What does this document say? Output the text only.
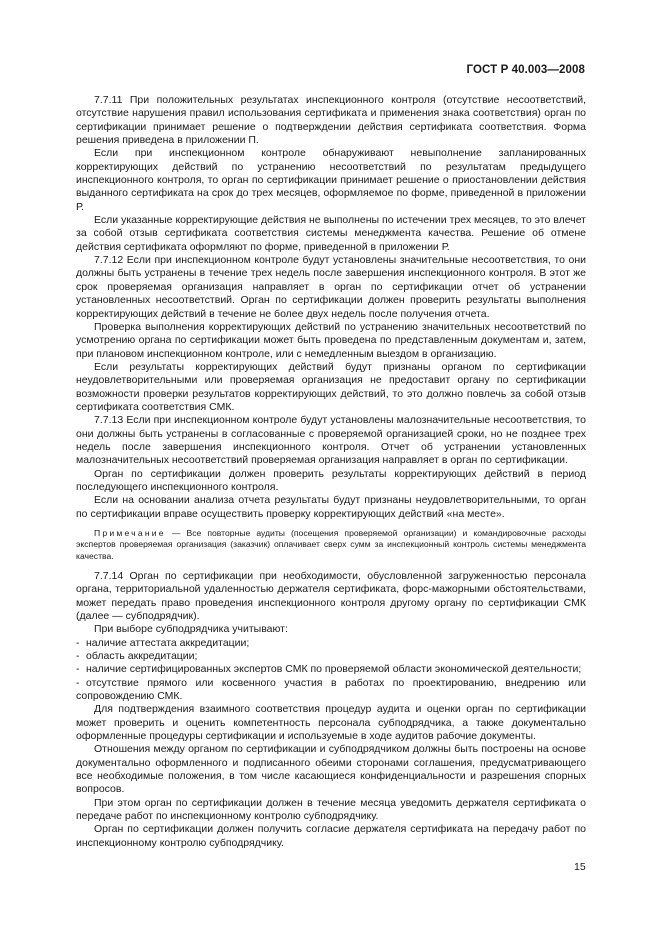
ГОСТ Р 40.003—2008

7.7.11 При положительных результатах инспекционного контроля (отсутствие несоответствий, отсутствие нарушения правил использования сертификата и применения знака соответствия) орган по сертификации принимает решение о подтверждении действия сертификата соответствия. Форма решения приведена в приложении П.

Если при инспекционном контроле обнаруживают невыполнение запланированных корректирующих действий по устранению несоответствий по результатам предыдущего инспекционного контроля, то орган по сертификации принимает решение о приостановлении действия выданного сертификата на срок до трех месяцев, оформляемое по форме, приведенной в приложении Р.

Если указанные корректирующие действия не выполнены по истечении трех месяцев, то это влечет за собой отзыв сертификата соответствия системы менеджмента качества. Решение об отмене действия сертификата оформляют по форме, приведенной в приложении Р.

7.7.12 Если при инспекционном контроле будут установлены значительные несоответствия, то они должны быть устранены в течение трех недель после завершения инспекционного контроля. В этот же срок проверяемая организация направляет в орган по сертификации отчет об устранении установленных несоответствий. Орган по сертификации должен проверить результаты выполнения корректирующих действий в течение не более двух недель после получения отчета.

Проверка выполнения корректирующих действий по устранению значительных несоответствий по усмотрению органа по сертификации может быть проведена по представленным документам и, затем, при плановом инспекционном контроле, или с немедленным выездом в организацию.

Если результаты корректирующих действий будут признаны органом по сертификации неудовлетворительными или проверяемая организация не предоставит органу по сертификации возможности проверки результатов корректирующих действий, то это должно повлечь за собой отзыв сертификата соответствия СМК.

7.7.13 Если при инспекционном контроле будут установлены малозначительные несоответствия, то они должны быть устранены в согласованные с проверяемой организацией сроки, но не позднее трех недель после завершения инспекционного контроля. Отчет об устранении установленных малозначительных несоответствий проверяемая организация направляет в орган по сертификации.

Орган по сертификации должен проверить результаты корректирующих действий в период последующего инспекционного контроля.

Если на основании анализа отчета результаты будут признаны неудовлетворительными, то орган по сертификации вправе осуществить проверку корректирующих действий «на месте».

Примечание — Все повторные аудиты (посещения проверяемой организации) и командировочные расходы экспертов проверяемая организация (заказчик) оплачивает сверх сумм за инспекционный контроль системы менеджмента качества.

7.7.14 Орган по сертификации при необходимости, обусловленной загруженностью персонала органа, территориальной удаленностью держателя сертификата, форс-мажорными обстоятельствами, может передать право проведения инспекционного контроля другому органу по сертификации СМК (далее — субподрядчик).

При выборе субподрядчика учитывают:

- наличие аттестата аккредитации;

- область аккредитации;

- наличие сертифицированных экспертов СМК по проверяемой области экономической деятельности;

- отсутствие прямого или косвенного участия в работах по проектированию, внедрению или сопровождению СМК.

Для подтверждения взаимного соответствия процедур аудита и оценки орган по сертификации может проверить и оценить компетентность персонала субподрядчика, а также документально оформленные процедуры сертификации и используемые в ходе аудитов рабочие документы.

Отношения между органом по сертификации и субподрядчиком должны быть построены на основе документально оформленного и подписанного обеими сторонами соглашения, предусматривающего все необходимые положения, в том числе касающиеся конфиденциальности и разрешения спорных вопросов.

При этом орган по сертификации должен в течение месяца уведомить держателя сертификата о передаче работ по инспекционному контролю субподрядчику.

Орган по сертификации должен получить согласие держателя сертификата на передачу работ по инспекционному контролю субподрядчику.

15
